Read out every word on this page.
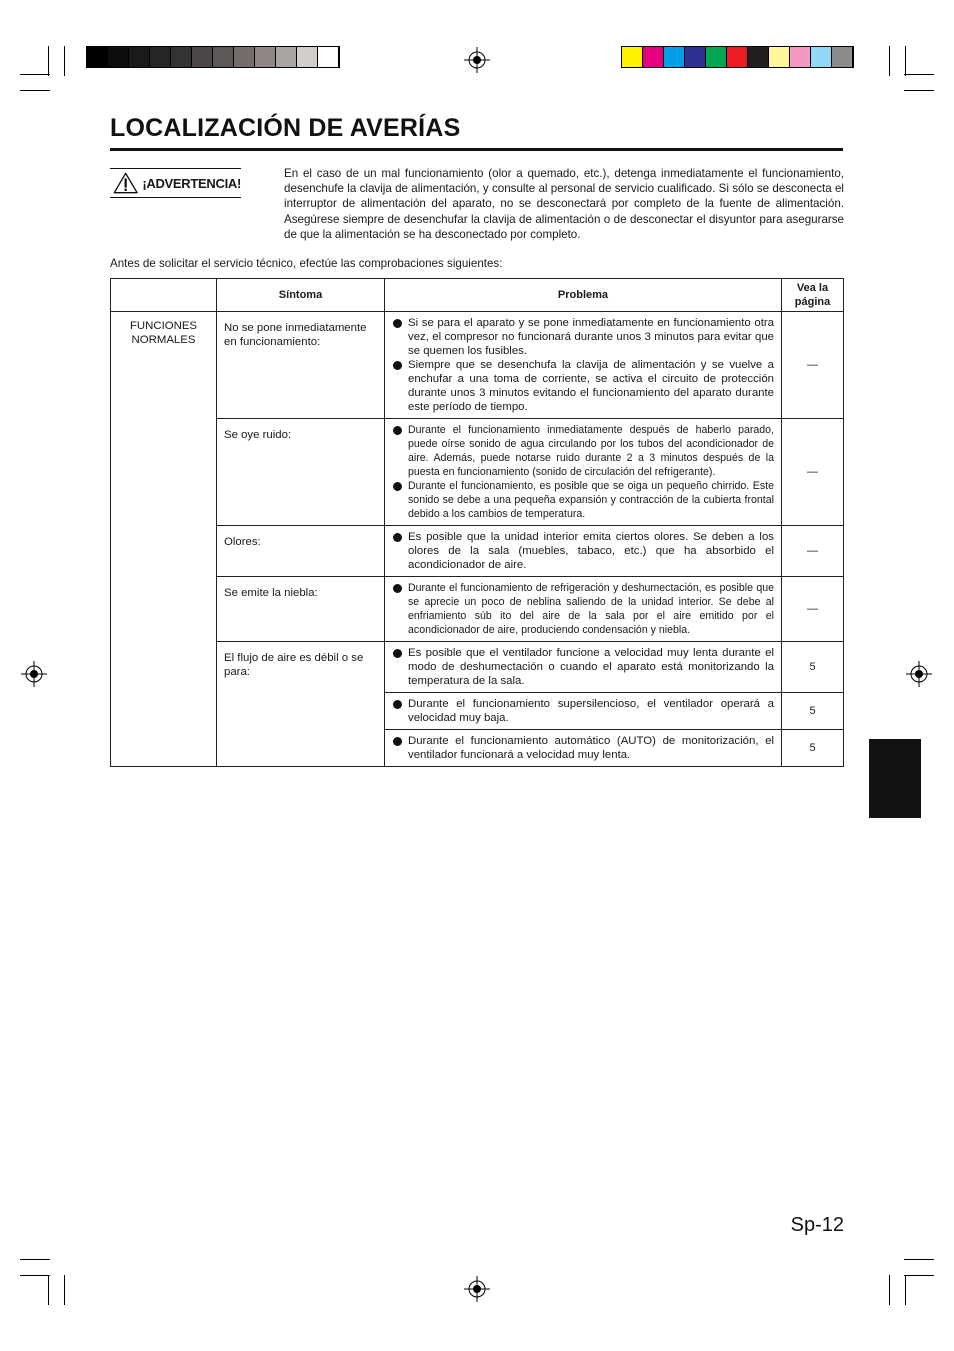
LOCALIZACIÓN DE AVERÍAS
¡ADVERTENCIA!

En el caso de un mal funcionamiento (olor a quemado, etc.), detenga inmediatamente el funcionamiento, desenchufe la clavija de alimentación, y consulte al personal de servicio cualificado. Si sólo se desconecta el interruptor de alimentación del aparato, no se desconectará por completo de la fuente de alimentación. Asegúrese siempre de desenchufar la clavija de alimentación o de desconectar el disyuntor para asegurarse de que la alimentación se ha desconectado por completo.

Antes de solicitar el servicio técnico, efectúe las comprobaciones siguientes:

	Síntoma	Problema	Vea la página
FUNCIONES NORMALES	No se pone inmediatamente en funcionamiento:	Si se para el aparato y se pone inmediatamente en funcionamiento otra vez, el compresor no funcionará durante unos 3 minutos para evitar que se quemen los fusibles.
Siempre que se desenchufa la clavija de alimentación y se vuelve a enchufar a una toma de corriente, se activa el circuito de protección durante unos 3 minutos evitando el funcionamiento del aparato durante este período de tiempo.	—
	Se oye ruido:	Durante el funcionamiento inmediatamente después de haberlo parado, puede oírse sonido de agua circulando por los tubos del acondicionador de aire. Además, puede notarse ruido durante 2 a 3 minutos después de la puesta en funcionamiento (sonido de circulación del refrigerante).
Durante el funcionamiento, es posible que se oiga un pequeño chirrido. Este sonido se debe a una pequeña expansión y contracción de la cubierta frontal debido a los cambios de temperatura.	—
	Olores:	Es posible que la unidad interior emita ciertos olores. Se deben a los olores de la sala (muebles, tabaco, etc.) que ha absorbido el acondicionador de aire.	—
	Se emite la niebla:	Durante el funcionamiento de refrigeración y deshumectación, es posible que se aprecie un poco de neblina saliendo de la unidad interior. Se debe al enfriamiento súb ito del aire de la sala por el aire emitido por el acondicionador de aire, produciendo condensación y niebla.	—
	El flujo de aire es débil o se para:	Es posible que el ventilador funcione a velocidad muy lenta durante el modo de deshumectación o cuando el aparato está monitorizando la temperatura de la sala.	5

		Durante el funcionamiento supersilencioso, el ventilador operará a velocidad muy baja.	5

		Durante el funcionamiento automático (AUTO) de monitorización, el ventilador funcionará a velocidad muy lenta.	5
Sp-12
